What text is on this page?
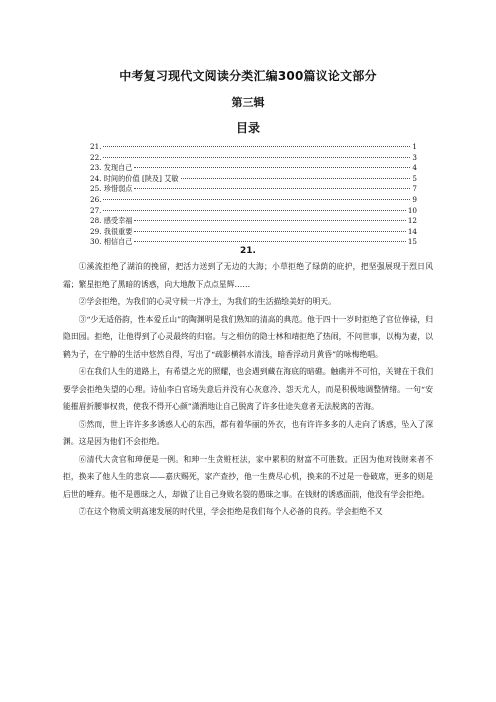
中考复习现代文阅读分类汇编300篇议论文部分
第三辑
目录
21.	1
22.	3
23. 发现自己	4
24. 时间的价值 [陕及] 艾敏	5
25. 珍惜弱点	7
26.	9
27.	10
28. 感受幸福	12
29. 我很重要	14
30. 相信自己	15
21.

①溪流拒绝了湖泊的挽留，把活力送到了无边的大海；小草拒绝了绿荫的庇护，把坚强展现于烈日风霜；繁星拒绝了黑暗的诱惑，向大地散下点点星辉……

②学会拒绝，为我们的心灵守候一片净土，为我们的生活描绘美好的明天。

③“少无适俗韵，性本爱丘山”的陶渊明是我们熟知的清高的典范。他于四十一岁时拒绝了官位俸禄，归隐田园。拒绝，让他得到了心灵最终的归宿。与之相仿的隐士林和靖拒绝了热闹，不问世事，以梅为妻，以鹤为子，在宁静的生活中悠然自得，写出了“疏影横斜水清浅，暗香浮动月黄昏”的咏梅绝唱。

④在我们人生的道路上，有希望之光的照耀，也会遇到藏在海底的暗礁。触礁并不可怕，关键在于我们要学会拒绝失望的心理。诗仙李白官场失意后并没有心灰意冷、怨天尤人，而是积极地调整情绪。一句“安能摧眉折腰事权贵，使我不得开心颜”潇洒地让自己脱离了许多仕途失意者无法脱离的苦海。

⑤然而，世上许许多多诱惑人心的东西，都有着华丽的外衣，也有许许多多的人走向了诱惑，坠入了深渊。这是因为他们不会拒绝。

⑥清代大贪官和珅便是一例。和珅一生贪赃枉法，家中累积的财富不可胜数。正因为他对钱财来者不拒，换来了他人生的悲哀——嘉庆赐死，家产查抄，他一生费尽心机，换来的不过是一卷破席，更多的则是后世的唾弃。他不是愚昧之人，却做了让自己身败名裂的愚昧之事。在钱财的诱惑面前，他没有学会拒绝。

⑦在这个物质文明高速发展的时代里，学会拒绝是我们每个人必备的良药。学会拒绝不又
